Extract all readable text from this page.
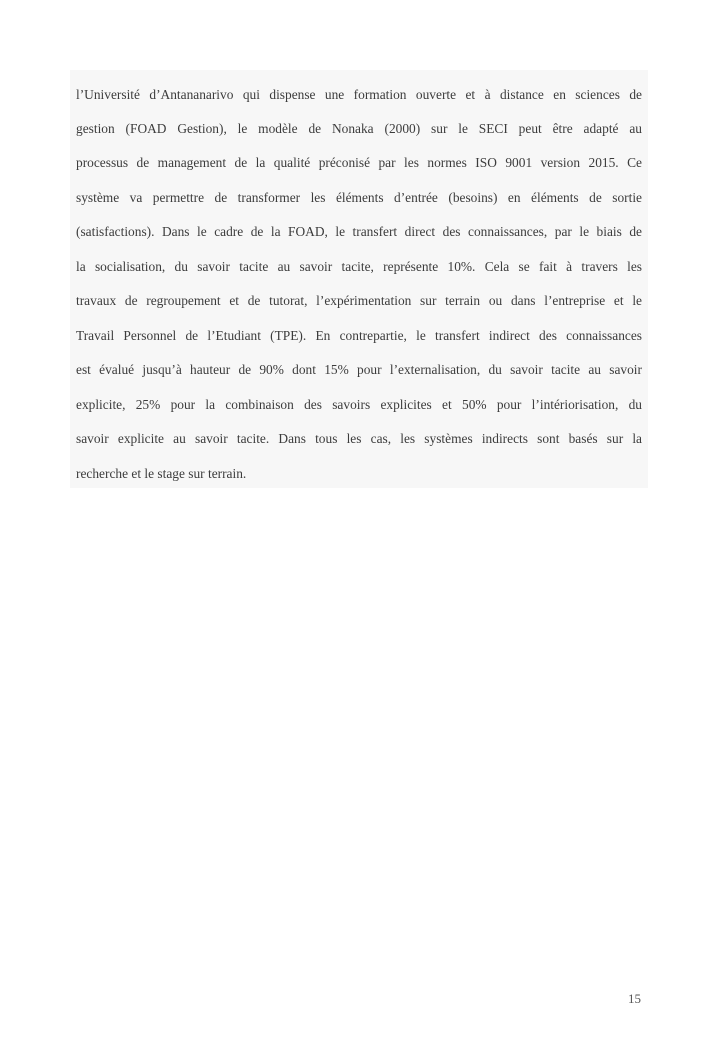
l’Université d’Antananarivo qui dispense une formation ouverte et à distance en sciences de
gestion (FOAD Gestion), le modèle de Nonaka (2000) sur le SECI peut être adapté au
processus de management de la qualité préconisé par les normes ISO 9001 version 2015. Ce
système va permettre de transformer les éléments d’entrée (besoins) en éléments de sortie
(satisfactions). Dans le cadre de la FOAD, le transfert direct des connaissances, par le biais de
la socialisation, du savoir tacite au savoir tacite, représente 10%. Cela se fait à travers les
travaux de regroupement et de tutorat, l’expérimentation sur terrain ou dans l’entreprise et le
Travail Personnel de l’Etudiant (TPE). En contrepartie, le transfert indirect des connaissances
est évalué jusqu’à hauteur de 90% dont 15% pour l’externalisation, du savoir tacite au savoir
explicite, 25% pour la combinaison des savoirs explicites et 50% pour l’intériorisation, du
savoir explicite au savoir tacite. Dans tous les cas, les systèmes indirects sont basés sur la
recherche et le stage sur terrain.
15
